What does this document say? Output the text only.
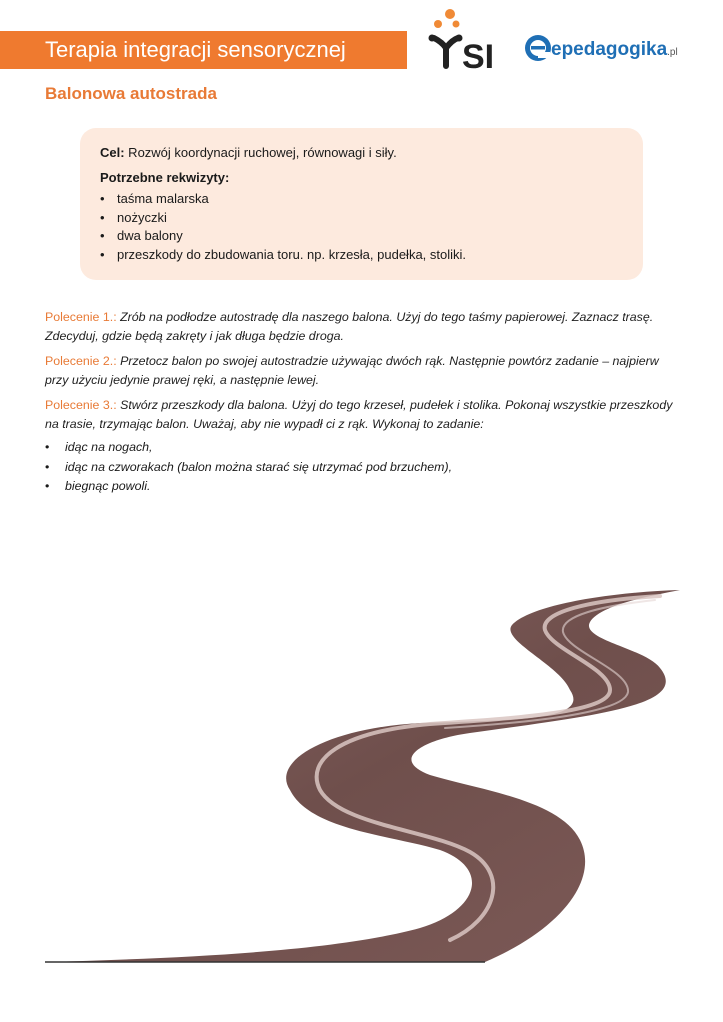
Terapia integracji sensorycznej	SI	epedagogika.pl
Balonowa autostrada
Cel: Rozwój koordynacji ruchowej, równowagi i siły.
Potrzebne rekwizyty:
• taśma malarska
• nożyczki
• dwa balony
• przeszkody do zbudowania toru. np. krzesła, pudełka, stoliki.
Polecenie 1.: Zrób na podłodze autostradę dla naszego balona. Użyj do tego taśmy papierowej. Zaznacz trasę. Zdecyduj, gdzie będą zakręty i jak długa będzie droga.
Polecenie 2.: Przetocz balon po swojej autostradzie używając dwóch rąk. Następnie powtórz zadanie – najpierw przy użyciu jedynie prawej ręki, a następnie lewej.
Polecenie 3.: Stwórz przeszkody dla balona. Użyj do tego krzeseł, pudełek i stolika. Pokonaj wszystkie przeszkody na trasie, trzymając balon. Uważaj, aby nie wypadł ci z rąk. Wykonaj to zadanie:
• idąc na nogach,
• idąc na czworakach (balon można starać się utrzymać pod brzuchem),
• biegnąc powoli.
